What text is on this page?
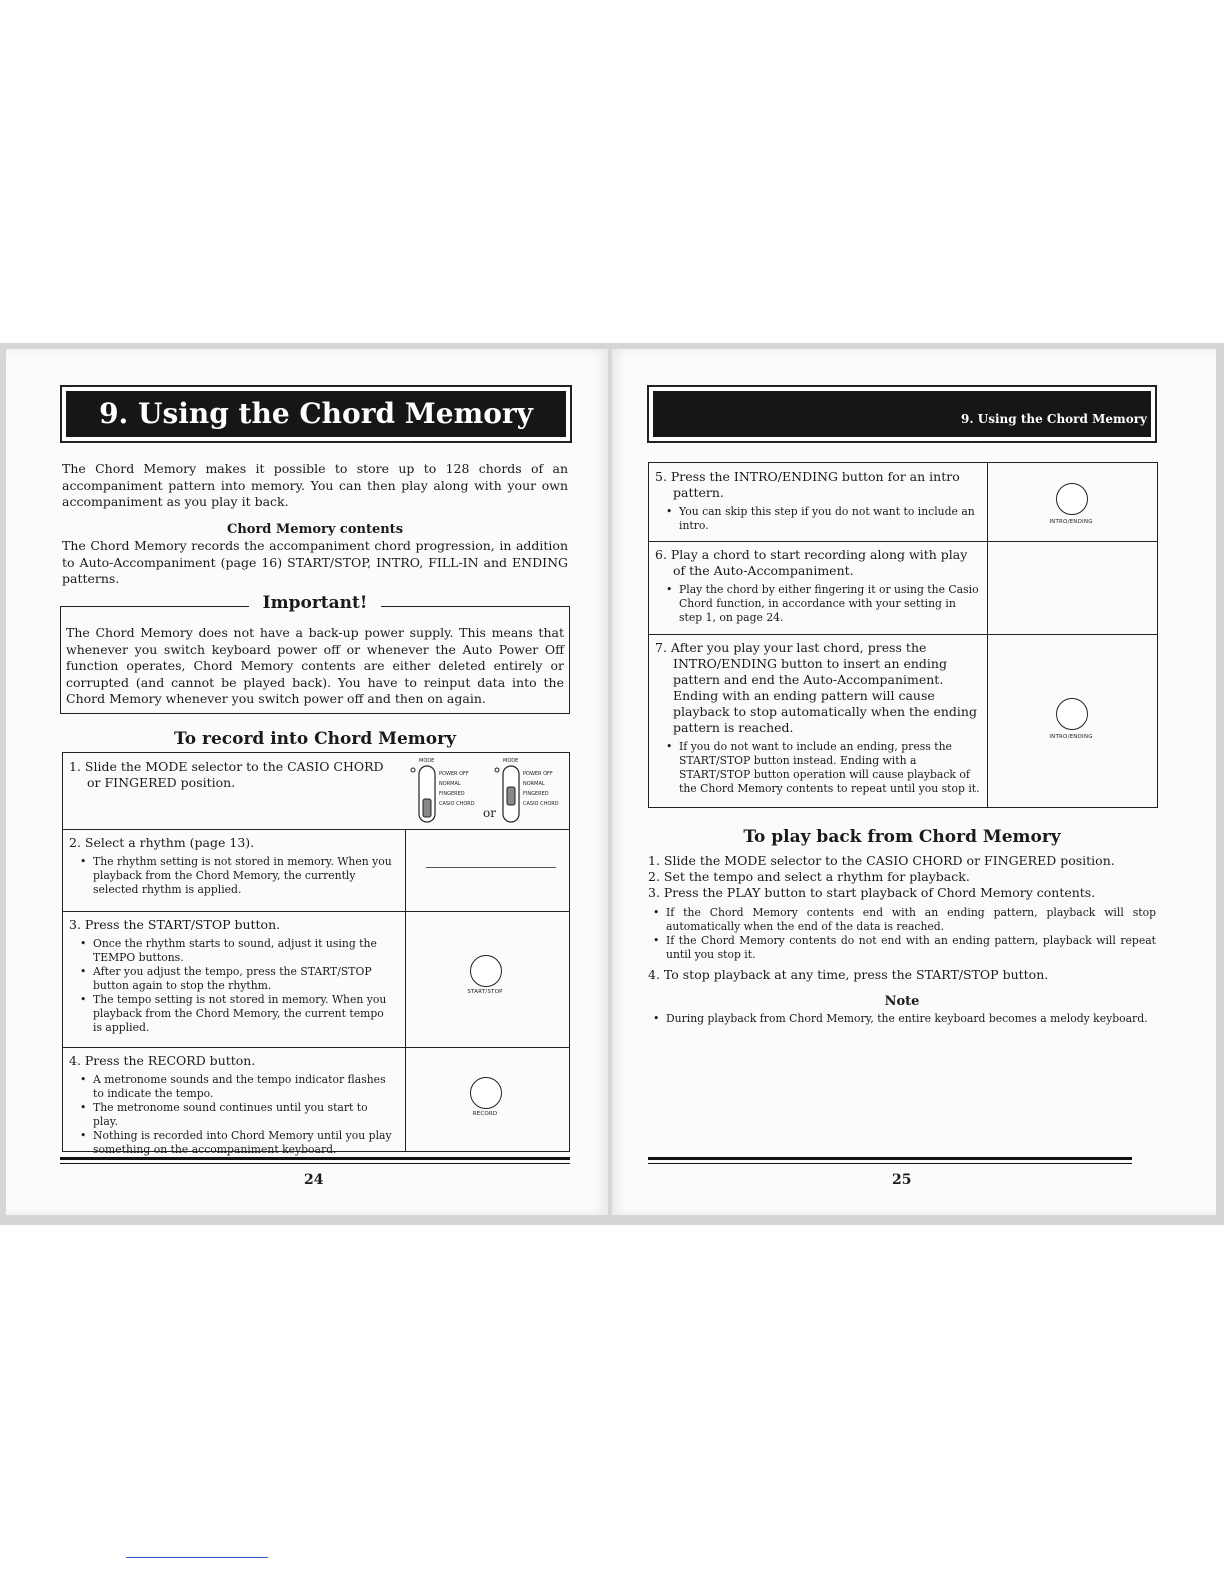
9. Using the Chord Memory
The Chord Memory makes it possible to store up to 128 chords of an accompaniment pattern into memory. You can then play along with your own accompaniment as you play it back.
Chord Memory contents
The Chord Memory records the accompaniment chord progression, in addition to Auto-Accompaniment (page 16) START/STOP, INTRO, FILL-IN and ENDING patterns.
Important!
The Chord Memory does not have a back-up power supply. This means that whenever you switch keyboard power off or whenever the Auto Power Off function operates, Chord Memory contents are either deleted entirely or corrupted (and cannot be played back). You have to reinput data into the Chord Memory whenever you switch power off and then on again.
To record into Chord Memory
1. Slide the MODE selector to the CASIO CHORD or FINGERED position.
MODE
POWER OFF
NORMAL
FINGERED
CASIO CHORD
MODE
POWER OFF
NORMAL
FINGERED
CASIO CHORD
or
2. Select a rhythm (page 13).
• The rhythm setting is not stored in memory. When you playback from the Chord Memory, the currently selected rhythm is applied.
3. Press the START/STOP button.
• Once the rhythm starts to sound, adjust it using the TEMPO buttons.
• After you adjust the tempo, press the START/STOP button again to stop the rhythm.
• The tempo setting is not stored in memory. When you playback from the Chord Memory, the current tempo is applied.
START/STOP
4. Press the RECORD button.
• A metronome sounds and the tempo indicator flashes to indicate the tempo.
• The metronome sound continues until you start to play.
• Nothing is recorded into Chord Memory until you play something on the accompaniment keyboard.
RECORD
24
9. Using the Chord Memory
5. Press the INTRO/ENDING button for an intro pattern.
• You can skip this step if you do not want to include an intro.	INTRO/ENDING
6. Play a chord to start recording along with play of the Auto-Accompaniment.
• Play the chord by either fingering it or using the Casio Chord function, in accordance with your setting in step 1, on page 24.
7. After you play your last chord, press the INTRO/ENDING button to insert an ending pattern and end the Auto-Accompaniment. Ending with an ending pattern will cause playback to stop automatically when the ending pattern is reached.
• If you do not want to include an ending, press the START/STOP button instead. Ending with a START/STOP button operation will cause playback of the Chord Memory contents to repeat until you stop it.
INTRO/ENDING
To play back from Chord Memory
1. Slide the MODE selector to the CASIO CHORD or FINGERED position.
2. Set the tempo and select a rhythm for playback.
3. Press the PLAY button to start playback of Chord Memory contents.
• If the Chord Memory contents end with an ending pattern, playback will stop automatically when the end of the data is reached.
• If the Chord Memory contents do not end with an ending pattern, playback will repeat until you stop it.
4. To stop playback at any time, press the START/STOP button.
Note
• During playback from Chord Memory, the entire keyboard becomes a melody keyboard.
25
